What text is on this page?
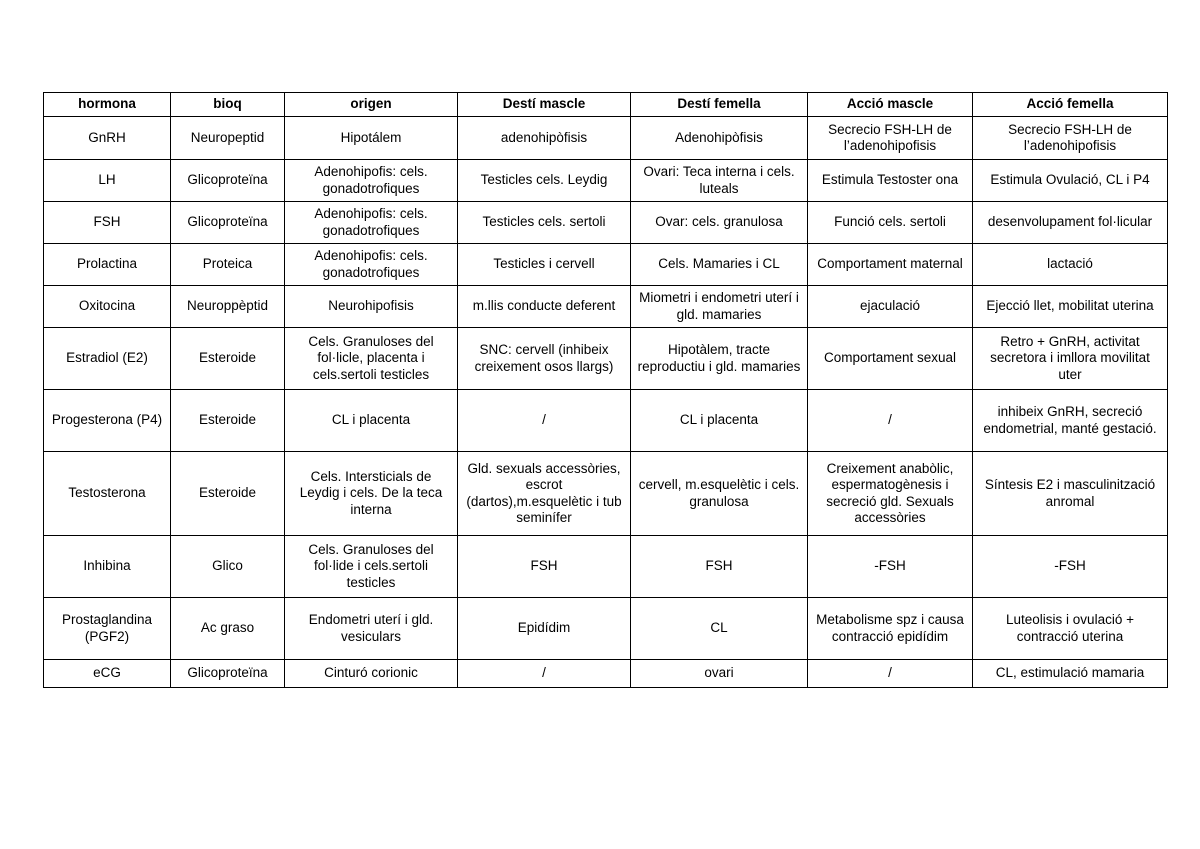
hormona	bioq	origen	Destí mascle	Destí femella	Acció mascle	Acció femella
GnRH	Neuropeptid	Hipotálem	adenohipòfisis	Adenohipòfisis	Secrecio FSH-LH de l’adenohipofisis	Secrecio FSH-LH de l’adenohipofisis
LH	Glicoproteïna	Adenohipofis: cels. gonadotrofiques	Testicles cels. Leydig	Ovari: Teca interna i cels. luteals	Estimula Testoster ona	Estimula Ovulació, CL i P4
FSH	Glicoproteïna	Adenohipofis: cels. gonadotrofiques	Testicles cels. sertoli	Ovar: cels. granulosa	Funció cels. sertoli	desenvolupament fol·licular
Prolactina	Proteica	Adenohipofis: cels. gonadotrofiques	Testicles i cervell	Cels. Mamaries i CL	Comportament maternal	lactació
Oxitocina	Neuroppèptid	Neurohipofisis	m.llis conducte deferent	Miometri i endometri uterí i gld. mamaries	ejaculació	Ejecció llet, mobilitat uterina
Estradiol (E2)	Esteroide	Cels. Granuloses del fol·licle, placenta i cels.sertoli testicles	SNC: cervell (inhibeix creixement osos llargs)	Hipotàlem, tracte reproductiu i gld. mamaries	Comportament sexual	Retro + GnRH, activitat secretora i imllora movilitat uter
Progesterona (P4)	Esteroide	CL i placenta	/	CL i placenta	/	inhibeix GnRH, secreció endometrial, manté gestació.
Testosterona	Esteroide	Cels. Intersticials de Leydig i cels. De la teca interna	Gld. sexuals accessòries, escrot (dartos),m.esquelètic i tub seminífer	cervell, m.esquelètic i cels. granulosa	Creixement anabòlic, espermatogènesis i secreció gld. Sexuals accessòries	Síntesis E2 i masculinització anromal
Inhibina	Glico	Cels. Granuloses del fol·lide i cels.sertoli testicles	FSH	FSH	-FSH	-FSH
Prostaglandina (PGF2)	Ac graso	Endometri uterí i gld. vesiculars	Epidídim	CL	Metabolisme spz i causa contracció epidídim	Luteolisis i ovulació + contracció uterina
eCG	Glicoproteïna	Cinturó corionic	/	ovari	/	CL, estimulació mamaria
